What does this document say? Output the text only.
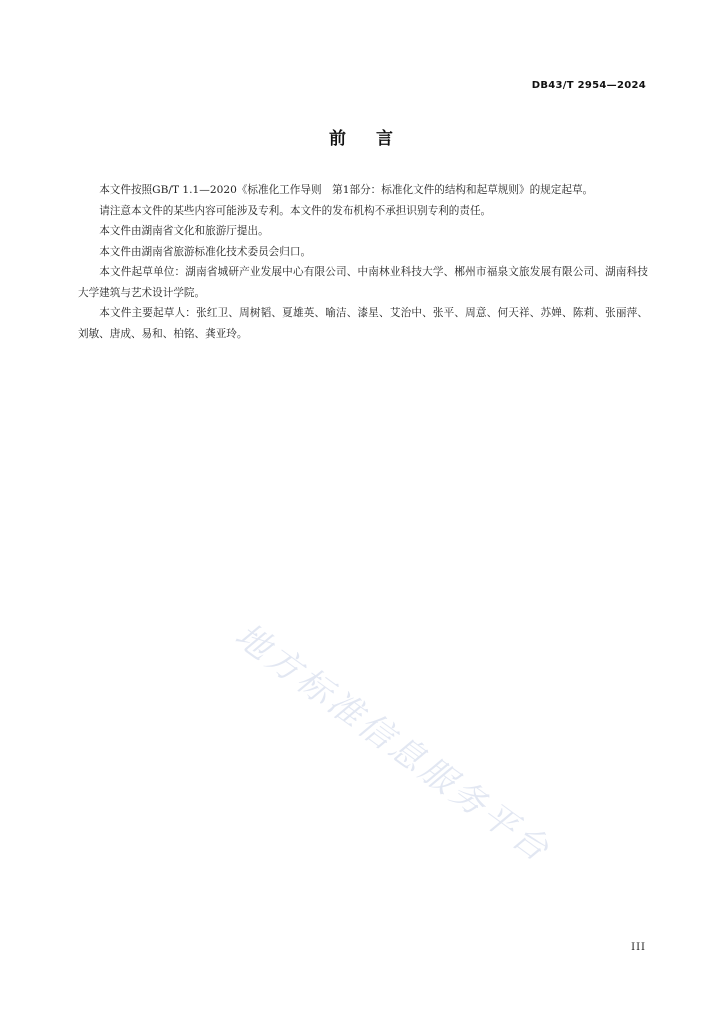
DB43/T 2954—2024
前 言

本文件按照GB/T 1.1—2020《标准化工作导则　第1部分：标准化文件的结构和起草规则》的规定起草。

请注意本文件的某些内容可能涉及专利。本文件的发布机构不承担识别专利的责任。

本文件由湖南省文化和旅游厅提出。

本文件由湖南省旅游标准化技术委员会归口。

本文件起草单位：湖南省城研产业发展中心有限公司、中南林业科技大学、郴州市福泉文旅发展有限公司、湖南科技大学建筑与艺术设计学院。

本文件主要起草人：张红卫、周树韬、夏雄英、喻洁、漆星、艾治中、张平、周意、何天祥、苏婵、陈莉、张丽萍、刘敏、唐成、易和、柏铭、龚亚玲。

地方标准信息服务平台
III
